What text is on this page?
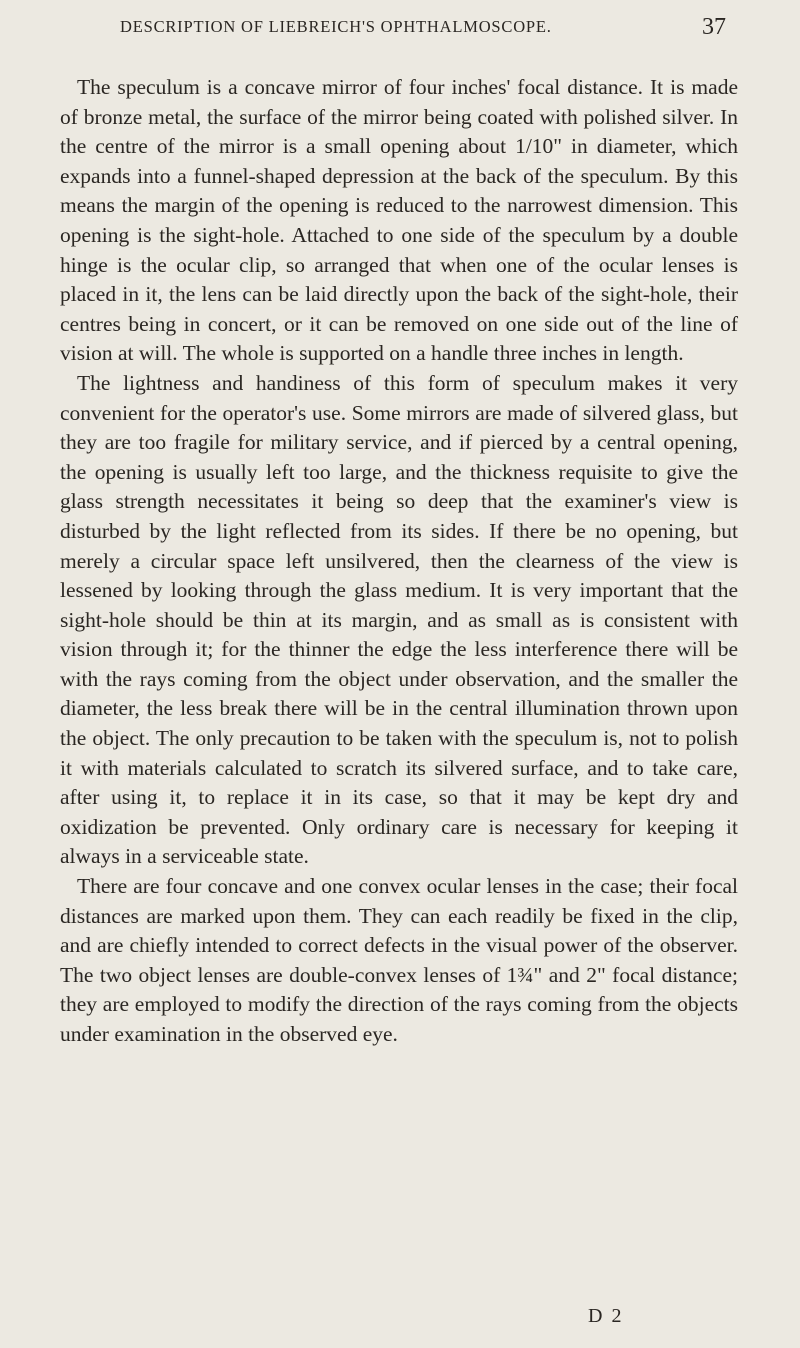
DESCRIPTION OF LIEBREICH'S OPHTHALMOSCOPE.	37

The speculum is a concave mirror of four inches' focal distance. It is made of bronze metal, the surface of the mirror being coated with polished silver. In the centre of the mirror is a small opening about 1/10" in diameter, which expands into a funnel-shaped depression at the back of the speculum. By this means the margin of the opening is reduced to the narrowest dimension. This opening is the sight-hole. Attached to one side of the speculum by a double hinge is the ocular clip, so arranged that when one of the ocular lenses is placed in it, the lens can be laid directly upon the back of the sight-hole, their centres being in concert, or it can be removed on one side out of the line of vision at will. The whole is supported on a handle three inches in length.

The lightness and handiness of this form of speculum makes it very convenient for the operator's use. Some mirrors are made of silvered glass, but they are too fragile for military service, and if pierced by a central opening, the opening is usually left too large, and the thickness requisite to give the glass strength necessitates it being so deep that the examiner's view is disturbed by the light reflected from its sides. If there be no opening, but merely a circular space left unsilvered, then the clearness of the view is lessened by looking through the glass medium. It is very important that the sight-hole should be thin at its margin, and as small as is consistent with vision through it; for the thinner the edge the less interference there will be with the rays coming from the object under observation, and the smaller the diameter, the less break there will be in the central illumination thrown upon the object. The only precaution to be taken with the speculum is, not to polish it with materials calculated to scratch its silvered surface, and to take care, after using it, to replace it in its case, so that it may be kept dry and oxidization be prevented. Only ordinary care is necessary for keeping it always in a serviceable state.

There are four concave and one convex ocular lenses in the case; their focal distances are marked upon them. They can each readily be fixed in the clip, and are chiefly intended to correct defects in the visual power of the observer. The two object lenses are double-convex lenses of 1¾" and 2" focal distance; they are employed to modify the direction of the rays coming from the objects under examination in the observed eye.

D 2
